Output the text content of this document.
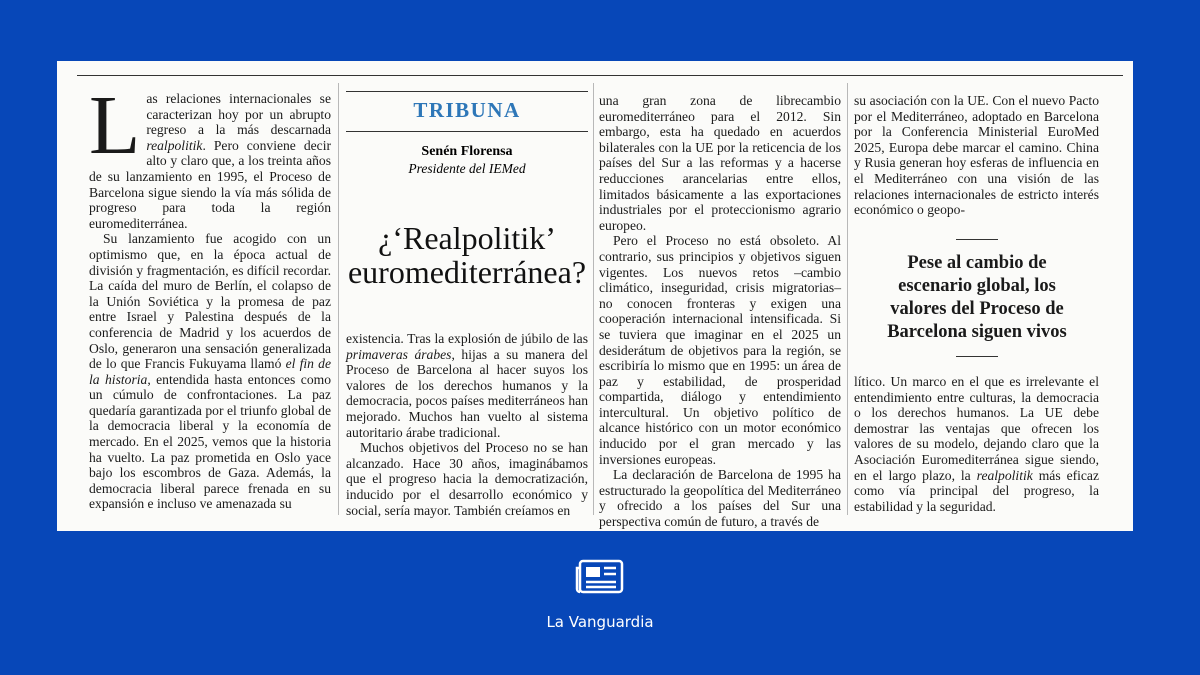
Las relaciones internacionales se caracterizan hoy por un abrupto regreso a la más descarnada realpolitik. Pero conviene decir alto y claro que, a los treinta años de su lanzamiento en 1995, el Proceso de Barcelona sigue siendo la vía más sólida de progreso para toda la región euromediterránea.

Su lanzamiento fue acogido con un optimismo que, en la época actual de división y fragmentación, es difícil recordar. La caída del muro de Berlín, el colapso de la Unión Soviética y la promesa de paz entre Israel y Palestina después de la conferencia de Madrid y los acuerdos de Oslo, generaron una sensación generalizada de lo que Francis Fukuyama llamó el fin de la historia, entendida hasta entonces como un cúmulo de confrontaciones. La paz quedaría garantizada por el triunfo global de la democracia liberal y la economía de mercado. En el 2025, vemos que la historia ha vuelto. La paz prometida en Oslo yace bajo los escombros de Gaza. Además, la democracia liberal parece frenada en su expansión e incluso ve amenazada su

TRIBUNA
Senén Florensa
Presidente del IEMed
¿‘Realpolitik’ euromediterránea?

existencia. Tras la explosión de júbilo de las primaveras árabes, hijas a su manera del Proceso de Barcelona al hacer suyos los valores de los derechos humanos y la democracia, pocos países mediterráneos han mejorado. Muchos han vuelto al sistema autoritario árabe tradicional.

Muchos objetivos del Proceso no se han alcanzado. Hace 30 años, imaginábamos que el progreso hacia la democratización, inducido por el desarrollo económico y social, sería mayor. También creíamos en

una gran zona de librecambio euromediterráneo para el 2012. Sin embargo, esta ha quedado en acuerdos bilaterales con la UE por la reticencia de los países del Sur a las reformas y a hacerse reducciones arancelarias entre ellos, limitados básicamente a las exportaciones industriales por el proteccionismo agrario europeo.

Pero el Proceso no está obsoleto. Al contrario, sus principios y objetivos siguen vigentes. Los nuevos retos –cambio climático, inseguridad, crisis migratorias– no conocen fronteras y exigen una cooperación internacional intensificada. Si se tuviera que imaginar en el 2025 un desiderátum de objetivos para la región, se escribiría lo mismo que en 1995: un área de paz y estabilidad, de prosperidad compartida, diálogo y entendimiento intercultural. Un objetivo político de alcance histórico con un motor económico inducido por el gran mercado y las inversiones europeas.

La declaración de Barcelona de 1995 ha estructurado la geopolítica del Mediterráneo y ofrecido a los países del Sur una perspectiva común de futuro, a través de

su asociación con la UE. Con el nuevo Pacto por el Mediterráneo, adoptado en Barcelona por la Conferencia Ministerial EuroMed 2025, Europa debe marcar el camino. China y Rusia generan hoy esferas de influencia en el Mediterráneo con una visión de las relaciones internacionales de estricto interés económico o geopo-

Pese al cambio de escenario global, los valores del Proceso de Barcelona siguen vivos

lítico. Un marco en el que es irrelevante el entendimiento entre culturas, la democracia o los derechos humanos. La UE debe demostrar las ventajas que ofrecen los valores de su modelo, dejando claro que la Asociación Euromediterránea sigue siendo, en el largo plazo, la realpolitik más eficaz como vía principal del progreso, la estabilidad y la seguridad.

La Vanguardia
